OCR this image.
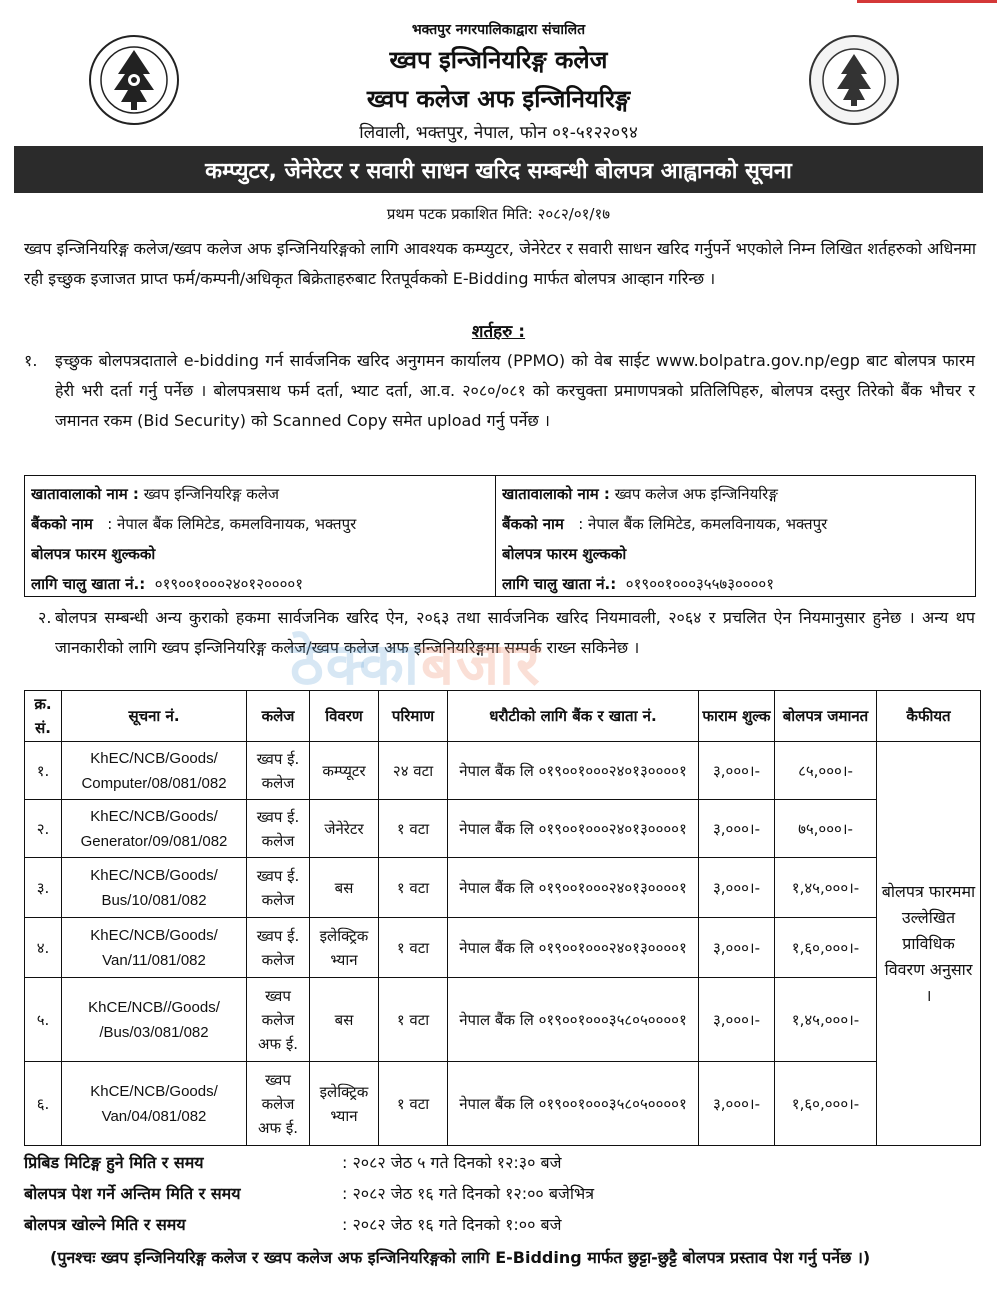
भक्तपुर नगरपालिकाद्वारा संचालित
ख्वप इन्जिनियरिङ्ग कलेज
ख्वप कलेज अफ इन्जिनियरिङ्ग
लिवाली, भक्तपुर, नेपाल, फोन ०१-५१२२०९४
कम्प्युटर, जेनेरेटर र सवारी साधन खरिद सम्बन्धी बोलपत्र आह्वानको सूचना
प्रथम पटक प्रकाशित मिति: २०८२/०१/१७
ख्वप इन्जिनियरिङ्ग कलेज/ख्वप कलेज अफ इन्जिनियरिङ्गको लागि आवश्यक कम्प्युटर, जेनेरेटर र सवारी साधन खरिद गर्नुपर्ने भएकोले निम्न लिखित शर्तहरुको अधिनमा रही इच्छुक इजाजत प्राप्त फर्म/कम्पनी/अधिकृत बिक्रेताहरुबाट रितपूर्वकको E-Bidding मार्फत बोलपत्र आव्हान गरिन्छ ।
शर्तहरु :
१. इच्छुक बोलपत्रदाताले e-bidding गर्न सार्वजनिक खरिद अनुगमन कार्यालय (PPMO) को वेब साईट www.bolpatra.gov.np/egp बाट बोलपत्र फारम हेरी भरी दर्ता गर्नु पर्नेछ । बोलपत्रसाथ फर्म दर्ता, भ्याट दर्ता, आ.व. २०८०/०८१ को करचुक्ता प्रमाणपत्रको प्रतिलिपिहरु, बोलपत्र दस्तुर तिरेको बैंक भौचर र जमानत रकम (Bid Security) को Scanned Copy समेत upload गर्नु पर्नेछ ।
खातावालाको नाम : ख्वप इन्जिनियरिङ्ग कलेज
बैंकको नाम : नेपाल बैंक लिमिटेड, कमलविनायक, भक्तपुर
बोलपत्र फारम शुल्कको
लागि चालु खाता नं.: ०१९००१०००२४०१२००००१
खातावालाको नाम : ख्वप कलेज अफ इन्जिनियरिङ्ग
बैंकको नाम : नेपाल बैंक लिमिटेड, कमलविनायक, भक्तपुर
बोलपत्र फारम शुल्कको
लागि चालु खाता नं.: ०१९००१०००३५५७३००००१
२. बोलपत्र सम्बन्धी अन्य कुराको हकमा सार्वजनिक खरिद ऐन, २०६३ तथा सार्वजनिक खरिद नियमावली, २०६४ र प्रचलित ऐन नियमानुसार हुनेछ । अन्य थप जानकारीको लागि ख्वप इन्जिनियरिङ्ग कलेज/ख्वप कलेज अफ इन्जिनियरिङ्गमा सम्पर्क राख्न सकिनेछ ।
ठेक्काबजार
क्र. सं.	सूचना नं.	कलेज	विवरण	परिमाण	धरौटीको लागि बैंक र खाता नं.	फाराम शुल्क	बोलपत्र जमानत	कैफीयत
१.	KhEC/NCB/Goods/ Computer/08/081/082	ख्वप ई. कलेज	कम्प्यूटर	२४ वटा	नेपाल बैंक लि ०१९००१०००२४०१३००००१	३,०००।-	८५,०००।-	बोलपत्र फारममा उल्लेखित प्राविधिक विवरण अनुसार ।
२.	KhEC/NCB/Goods/ Generator/09/081/082	ख्वप ई. कलेज	जेनेरेटर	१ वटा	नेपाल बैंक लि ०१९००१०००२४०१३००००१	३,०००।-	७५,०००।-	
३.	KhEC/NCB/Goods/ Bus/10/081/082	ख्वप ई. कलेज	बस	१ वटा	नेपाल बैंक लि ०१९००१०००२४०१३००००१	३,०००।-	१,४५,०००।-	
४.	KhEC/NCB/Goods/ Van/11/081/082	ख्वप ई. कलेज	इलेक्ट्रिक भ्यान	१ वटा	नेपाल बैंक लि ०१९००१०००२४०१३००००१	३,०००।-	१,६०,०००।-	
५.	KhCE/NCB//Goods/ /Bus/03/081/082	ख्वप कलेज अफ ई.	बस	१ वटा	नेपाल बैंक लि ०१९००१०००३५८०५००००१	३,०००।-	१,४५,०००।-	
६.	KhCE/NCB/Goods/ Van/04/081/082	ख्वप कलेज अफ ई.	इलेक्ट्रिक भ्यान	१ वटा	नेपाल बैंक लि ०१९००१०००३५८०५००००१	३,०००।-	१,६०,०००।-	
प्रिबिड मिटिङ्ग हुने मिति र समय	: २०८२ जेठ ५ गते दिनको १२:३० बजे
बोलपत्र पेश गर्ने अन्तिम मिति र समय	: २०८२ जेठ १६ गते दिनको १२:०० बजेभित्र
बोलपत्र खोल्ने मिति र समय	: २०८२ जेठ १६ गते दिनको १:०० बजे
(पुनश्चः ख्वप इन्जिनियरिङ्ग कलेज र ख्वप कलेज अफ इन्जिनियरिङ्गको लागि E-Bidding मार्फत छुट्टा-छुट्टै बोलपत्र प्रस्ताव पेश गर्नु पर्नेछ ।)
